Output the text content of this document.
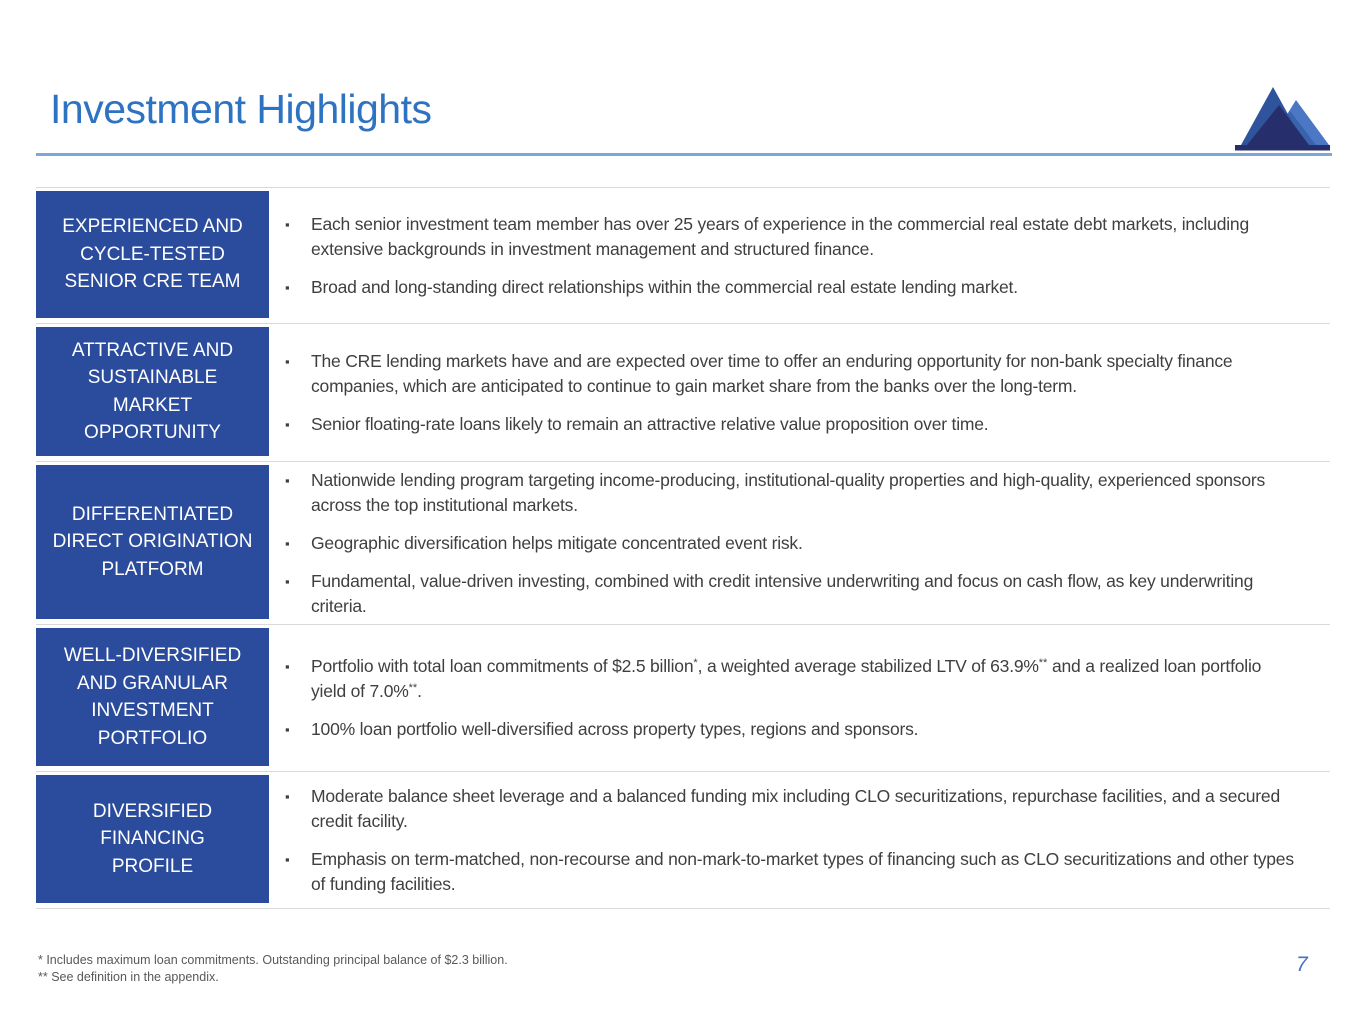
Investment Highlights
EXPERIENCED AND
CYCLE-TESTED
SENIOR CRE TEAM
▪ Each senior investment team member has over 25 years of experience in the commercial real estate debt markets, including extensive backgrounds in investment management and structured finance.
▪ Broad and long-standing direct relationships within the commercial real estate lending market.
ATTRACTIVE AND
SUSTAINABLE
MARKET
OPPORTUNITY
▪ The CRE lending markets have and are expected over time to offer an enduring opportunity for non-bank specialty finance companies, which are anticipated to continue to gain market share from the banks over the long-term.
▪ Senior floating-rate loans likely to remain an attractive relative value proposition over time.
DIFFERENTIATED
DIRECT ORIGINATION
PLATFORM
▪ Nationwide lending program targeting income-producing, institutional-quality properties and high-quality, experienced sponsors across the top institutional markets.
▪ Geographic diversification helps mitigate concentrated event risk.
▪ Fundamental, value-driven investing, combined with credit intensive underwriting and focus on cash flow, as key underwriting criteria.
WELL-DIVERSIFIED
AND GRANULAR
INVESTMENT
PORTFOLIO
▪ Portfolio with total loan commitments of $2.5 billion*, a weighted average stabilized LTV of 63.9%** and a realized loan portfolio yield of 7.0%**.
▪ 100% loan portfolio well-diversified across property types, regions and sponsors.
DIVERSIFIED
FINANCING
PROFILE
▪ Moderate balance sheet leverage and a balanced funding mix including CLO securitizations, repurchase facilities, and a secured credit facility.
▪ Emphasis on term-matched, non-recourse and non-mark-to-market types of financing such as CLO securitizations and other types of funding facilities.
* Includes maximum loan commitments. Outstanding principal balance of $2.3 billion.
** See definition in the appendix.
7
